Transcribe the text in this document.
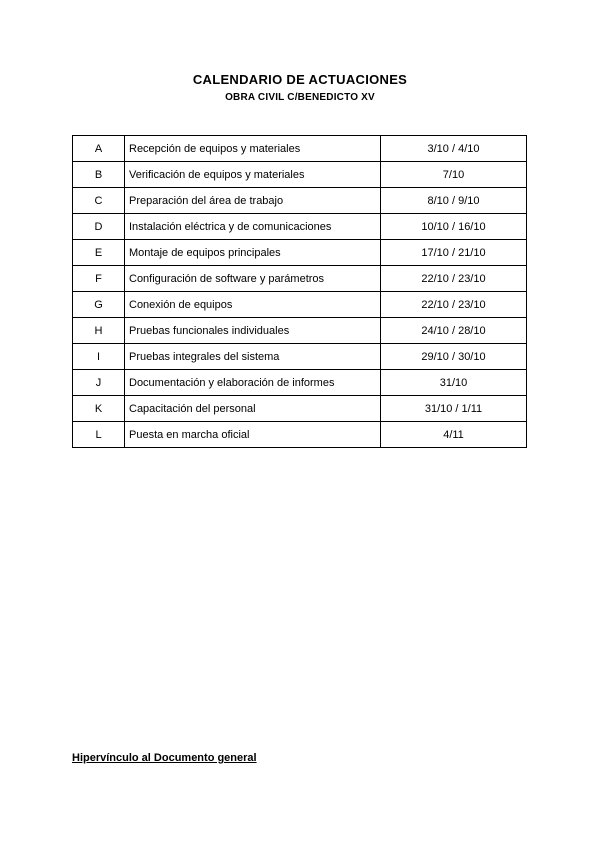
CALENDARIO DE ACTUACIONES
OBRA CIVIL C/BENEDICTO XV
A	Recepción de equipos y materiales	3/10 / 4/10
B	Verificación de equipos y materiales	7/10
C	Preparación del área de trabajo	8/10 / 9/10
D	Instalación eléctrica y de comunicaciones	10/10 / 16/10
E	Montaje de equipos principales	17/10 / 21/10
F	Configuración de software y parámetros	22/10 / 23/10
G	Conexión de equipos	22/10 / 23/10
H	Pruebas funcionales individuales	24/10 / 28/10
I	Pruebas integrales del sistema	29/10 / 30/10
J	Documentación y elaboración de informes	31/10
K	Capacitación del personal	31/10 / 1/11
L	Puesta en marcha oficial	4/11
Hipervínculo al Documento general
